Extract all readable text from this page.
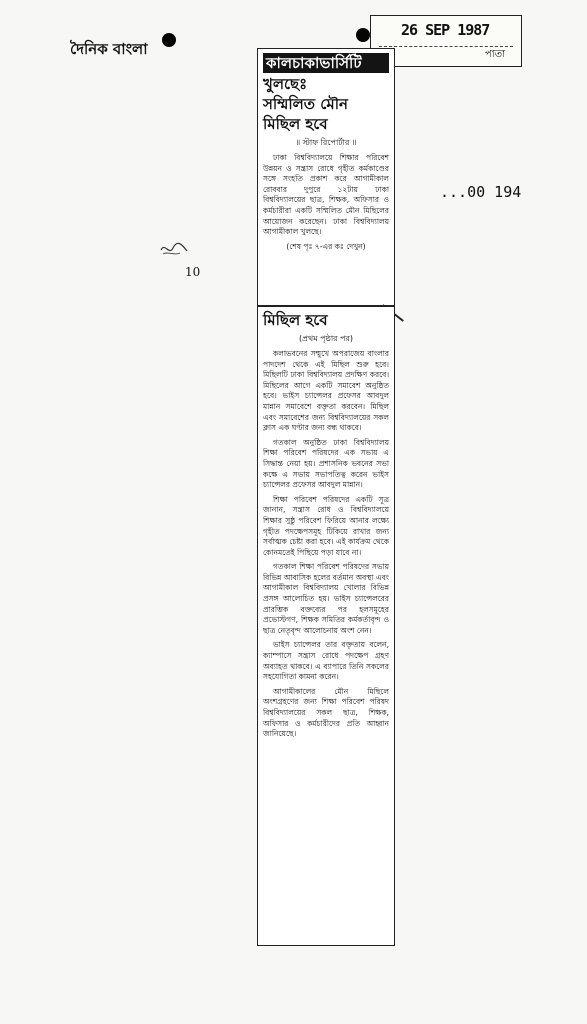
দৈনিক বাংলা
26 SEP 1987
পাতা
...00 194
10
কালচাকাভার্সিটি
খুলছেঃ
সম্মিলিত মৌন
মিছিল হবে
॥ স্টাফ রিপোর্টার ॥

ঢাকা বিশ্ববিদ্যালয়ে শিক্ষার পরিবেশ উন্নয়ন ও সন্ত্রাস রোধে গৃহীত কর্মকাণ্ডের সঙ্গে সংহতি প্রকাশ করে আগামীকাল রোববার দুপুরে ১২টায় ঢাকা বিশ্ববিদ্যালয়ের ছাত্র, শিক্ষক, অফিসার ও কর্মচারীরা একটি সম্মিলিত মৌন মিছিলের আয়োজন করেছেন। ঢাকা বিশ্ববিদ্যালয় আগামীকাল খুলছে।

(শেষ পৃঃ ৭-এর কঃ দেখুন)
মিছিল হবে
(প্রথম পৃষ্ঠার পর)

কলাভবনের সম্মুখে অপরাজেয় বাংলার পাদদেশ থেকে এই মিছিল শুরু হবে। মিছিলটি ঢাকা বিশ্ববিদ্যালয় প্রদক্ষিণ করবে। মিছিলের আগে একটি সমাবেশ অনুষ্ঠিত হবে। ভাইস চ্যান্সেলর প্রফেসর আবদুল মান্নান সমাবেশে বক্তৃতা করবেন। মিছিল এবং সমাবেশের জন্য বিশ্ববিদ্যালয়ের সকল ক্লাস এক ঘণ্টার জন্য বন্ধ থাকবে।

গতকাল অনুষ্ঠিত ঢাকা বিশ্ববিদ্যালয় শিক্ষা পরিবেশ পরিষদের এক সভায় এ সিদ্ধান্ত নেয়া হয়। প্রশাসনিক ভবনের সভা কক্ষে এ সভায় সভাপতিত্ব করেন ভাইস চ্যান্সেলর প্রফেসর আবদুল মান্নান।

শিক্ষা পরিবেশ পরিষদের একটি সূত্র জানান, সন্ত্রাস রোধ ও বিশ্ববিদ্যালয়ে শিক্ষার সুষ্ঠু পরিবেশ ফিরিয়ে আনার লক্ষ্যে গৃহীত পদক্ষেপসমূহ টিকিয়ে রাখার জন্য সর্বাত্মক চেষ্টা করা হবে। এই কার্যক্রম থেকে কোনমতেই পিছিয়ে পড়া যাবে না।

গতকাল শিক্ষা পরিবেশ পরিষদের সভায় বিভিন্ন আবাসিক হলের বর্তমান অবস্থা এবং আগামীকাল বিশ্ববিদ্যালয় খোলার বিভিন্ন প্রসঙ্গ আলোচিত হয়। ভাইস চ্যান্সেলরের প্রারম্ভিক বক্তব্যের পর হলসমূহের প্রভোস্টগণ, শিক্ষক সমিতির কর্মকর্তাবৃন্দ ও ছাত্র নেতৃবৃন্দ আলোচনায় অংশ নেন।

ভাইস চ্যান্সেলর তার বক্তৃতায় বলেন, ক্যাম্পাসে সন্ত্রাস রোধে পদক্ষেপ গ্রহণ অব্যাহত থাকবে। এ ব্যাপারে তিনি সকলের সহযোগিতা কামনা করেন।

আগামীকালের মৌন মিছিলে অংশগ্রহণের জন্য শিক্ষা পরিবেশ পরিষদ বিশ্ববিদ্যালয়ের সকল ছাত্র, শিক্ষক, অফিসার ও কর্মচারীদের প্রতি আহ্বান জানিয়েছে।
